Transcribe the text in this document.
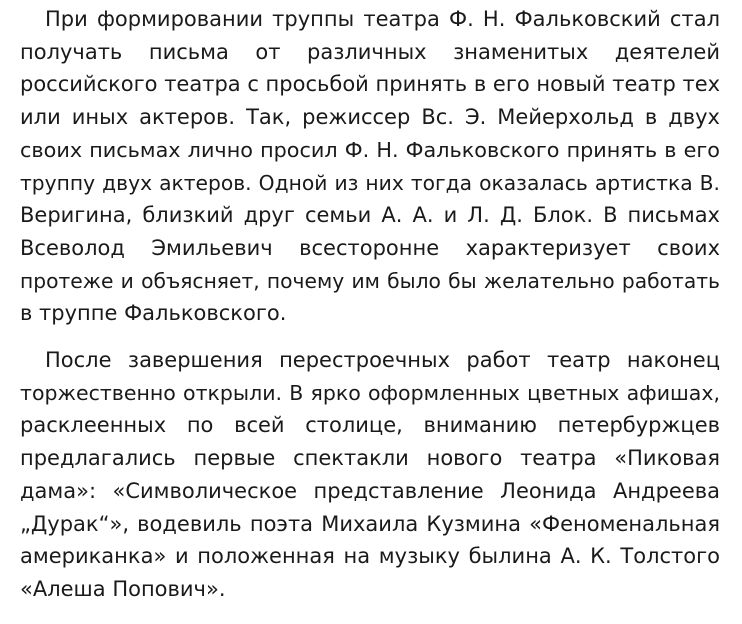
При формировании труппы театра Ф. Н. Фальковский стал
получать письма от различных знаменитых деятелей
российского театра с просьбой принять в его новый театр тех
или иных актеров. Так, режиссер Вс. Э. Мейерхольд в двух
своих письмах лично просил Ф. Н. Фальковского принять в его
труппу двух актеров. Одной из них тогда оказалась артистка В.
Веригина, близкий друг семьи А. А. и Л. Д. Блок. В письмах
Всеволод Эмильевич всесторонне характеризует своих
протеже и объясняет, почему им было бы желательно работать
в труппе Фальковского.

После завершения перестроечных работ театр наконец
торжественно открыли. В ярко оформленных цветных афишах,
расклеенных по всей столице, вниманию петербуржцев
предлагались первые спектакли нового театра «Пиковая
дама»: «Символическое представление Леонида Андреева
„Дурак“», водевиль поэта Михаила Кузмина «Феноменальная
американка» и положенная на музыку былина А. К. Толстого
«Алеша Попович».
